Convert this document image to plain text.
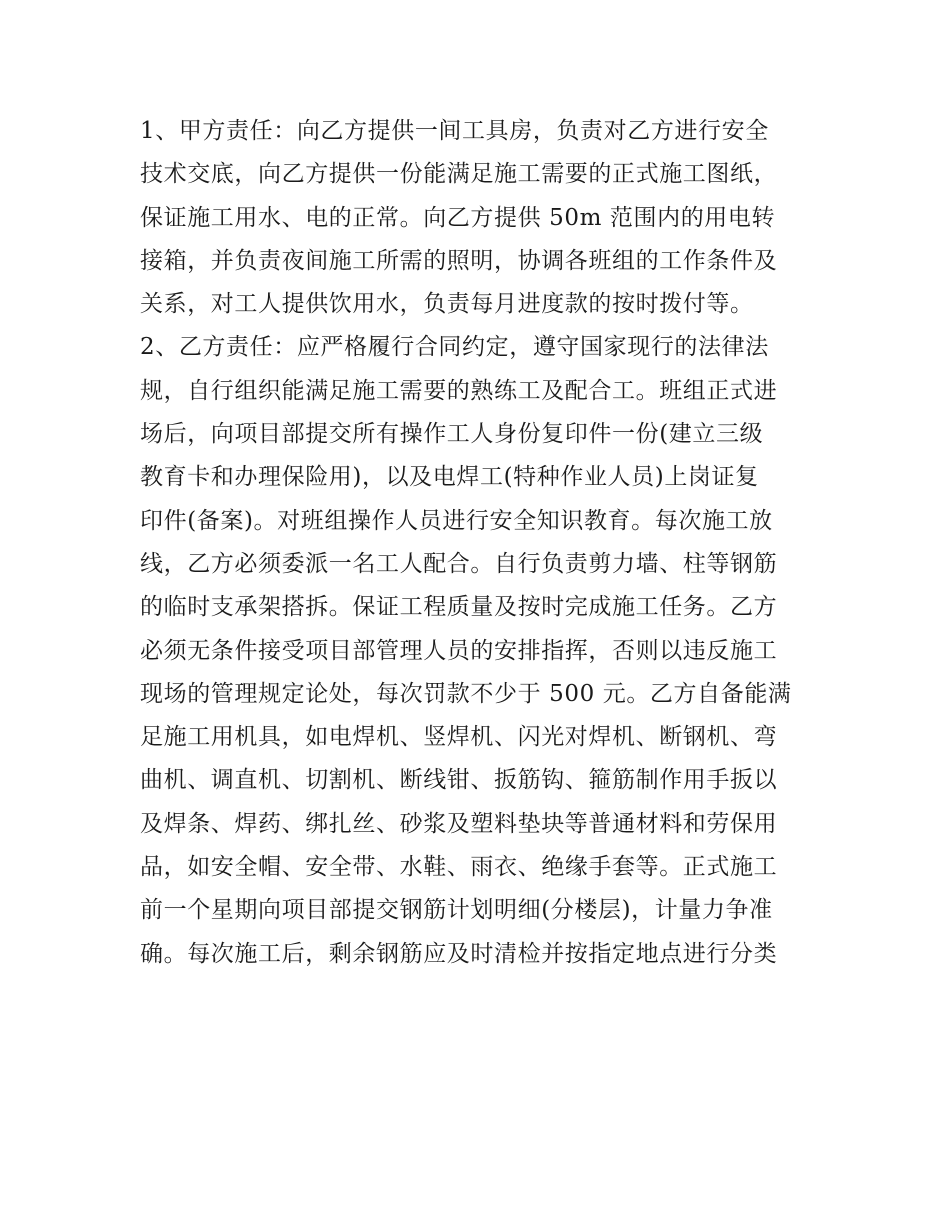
1、甲方责任：向乙方提供一间工具房，负责对乙方进行安全
技术交底，向乙方提供一份能满足施工需要的正式施工图纸，
保证施工用水、电的正常。向乙方提供 50m 范围内的用电转
接箱，并负责夜间施工所需的照明，协调各班组的工作条件及
关系，对工人提供饮用水，负责每月进度款的按时拨付等。
2、乙方责任：应严格履行合同约定，遵守国家现行的法律法
规，自行组织能满足施工需要的熟练工及配合工。班组正式进
场后，向项目部提交所有操作工人身份复印件一份(建立三级
教育卡和办理保险用)，以及电焊工(特种作业人员)上岗证复
印件(备案)。对班组操作人员进行安全知识教育。每次施工放
线，乙方必须委派一名工人配合。自行负责剪力墙、柱等钢筋
的临时支承架搭拆。保证工程质量及按时完成施工任务。乙方
必须无条件接受项目部管理人员的安排指挥，否则以违反施工
现场的管理规定论处，每次罚款不少于 500 元。乙方自备能满
足施工用机具，如电焊机、竖焊机、闪光对焊机、断钢机、弯
曲机、调直机、切割机、断线钳、扳筋钩、箍筋制作用手扳以
及焊条、焊药、绑扎丝、砂浆及塑料垫块等普通材料和劳保用
品，如安全帽、安全带、水鞋、雨衣、绝缘手套等。正式施工
前一个星期向项目部提交钢筋计划明细(分楼层)，计量力争准
确。每次施工后，剩余钢筋应及时清检并按指定地点进行分类
